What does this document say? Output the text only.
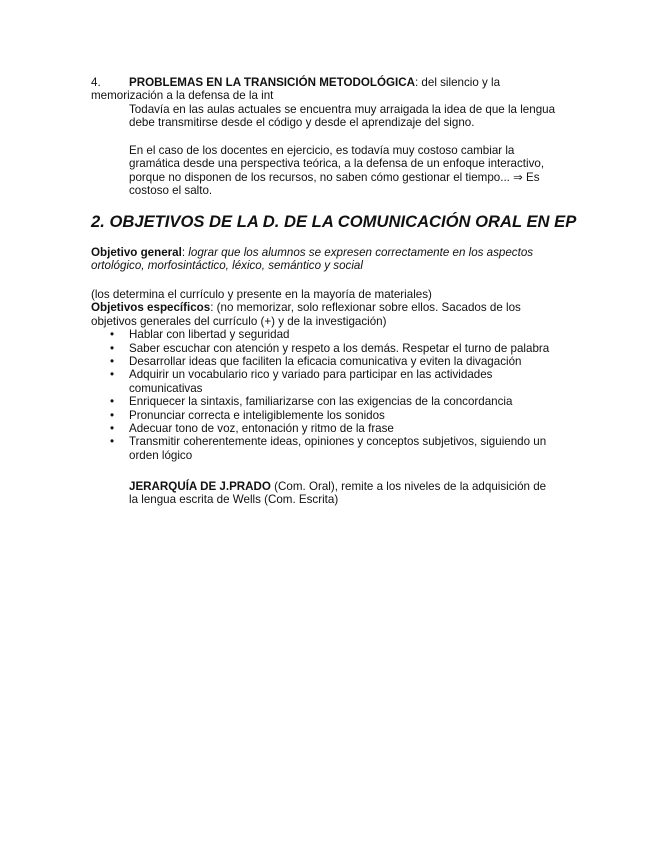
4. PROBLEMAS EN LA TRANSICIÓN METODOLÓGICA: del silencio y la
memorización a la defensa de la int
Todavía en las aulas actuales se encuentra muy arraigada la idea de que la lengua
debe transmitirse desde el código y desde el aprendizaje del signo.
En el caso de los docentes en ejercicio, es todavía muy costoso cambiar la
gramática desde una perspectiva teórica, a la defensa de un enfoque interactivo,
porque no disponen de los recursos, no saben cómo gestionar el tiempo... ⇒ Es
costoso el salto.
2. OBJETIVOS DE LA D. DE LA COMUNICACIÓN ORAL EN EP
Objetivo general: lograr que los alumnos se expresen correctamente en los aspectos
ortológico, morfosintáctico, léxico, semántico y social
(los determina el currículo y presente en la mayoría de materiales)
Objetivos específicos: (no memorizar, solo reflexionar sobre ellos. Sacados de los
objetivos generales del currículo (+) y de la investigación)
• Hablar con libertad y seguridad
• Saber escuchar con atención y respeto a los demás. Respetar el turno de palabra
• Desarrollar ideas que faciliten la eficacia comunicativa y eviten la divagación
• Adquirir un vocabulario rico y variado para participar en las actividades
comunicativas
• Enriquecer la sintaxis, familiarizarse con las exigencias de la concordancia
• Pronunciar correcta e inteligiblemente los sonidos
• Adecuar tono de voz, entonación y ritmo de la frase
• Transmitir coherentemente ideas, opiniones y conceptos subjetivos, siguiendo un
orden lógico
JERARQUÍA DE J.PRADO (Com. Oral), remite a los niveles de la adquisición de
la lengua escrita de Wells (Com. Escrita)
